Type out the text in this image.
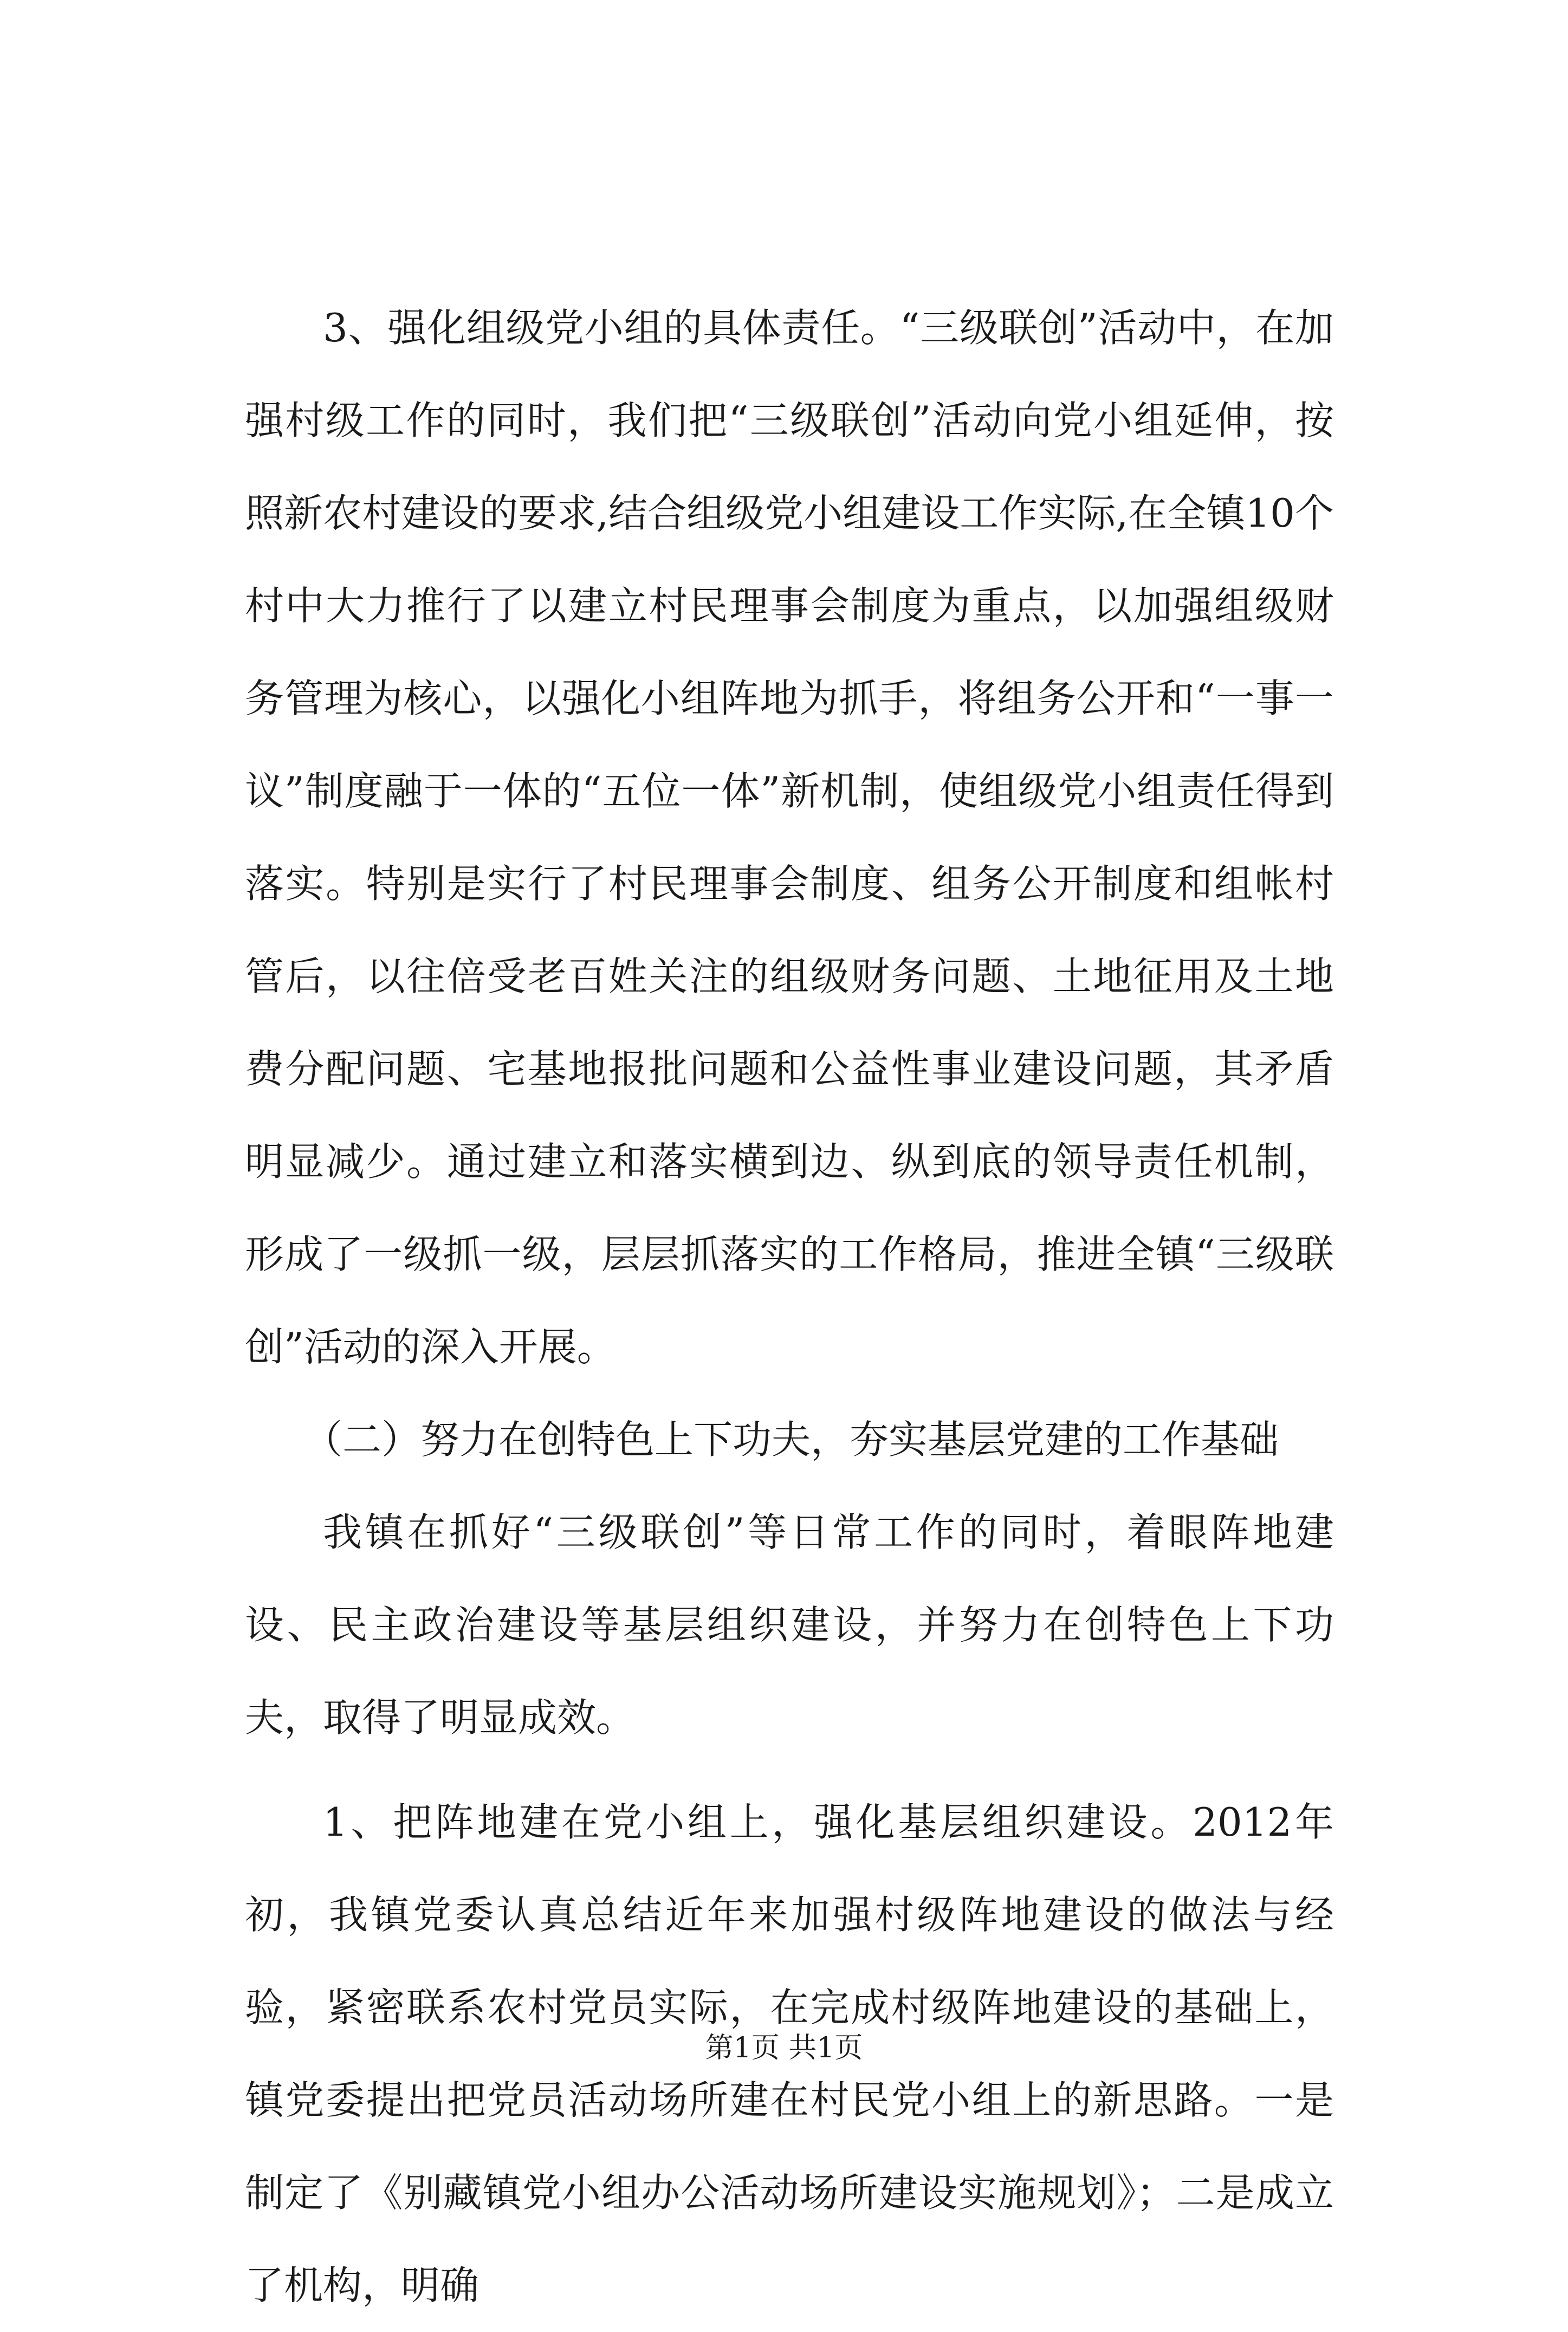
3、强化组级党小组的具体责任。“三级联创”活动中，在加强村级工作的同时，我们把“三级联创”活动向党小组延伸，按照新农村建设的要求,结合组级党小组建设工作实际,在全镇10个村中大力推行了以建立村民理事会制度为重点，以加强组级财务管理为核心，以强化小组阵地为抓手，将组务公开和“一事一议”制度融于一体的“五位一体”新机制，使组级党小组责任得到落实。特别是实行了村民理事会制度、组务公开制度和组帐村管后，以往倍受老百姓关注的组级财务问题、土地征用及土地费分配问题、宅基地报批问题和公益性事业建设问题，其矛盾明显减少。通过建立和落实横到边、纵到底的领导责任机制，形成了一级抓一级，层层抓落实的工作格局，推进全镇“三级联创”活动的深入开展。

（二）努力在创特色上下功夫，夯实基层党建的工作基础

我镇在抓好“三级联创”等日常工作的同时，着眼阵地建设、民主政治建设等基层组织建设，并努力在创特色上下功夫，取得了明显成效。

1、把阵地建在党小组上，强化基层组织建设。2012年初，我镇党委认真总结近年来加强村级阵地建设的做法与经验，紧密联系农村党员实际，在完成村级阵地建设的基础上，镇党委提出把党员活动场所建在村民党小组上的新思路。一是制定了《别藏镇党小组办公活动场所建设实施规划》；二是成立了机构，明确

第1页 共1页
